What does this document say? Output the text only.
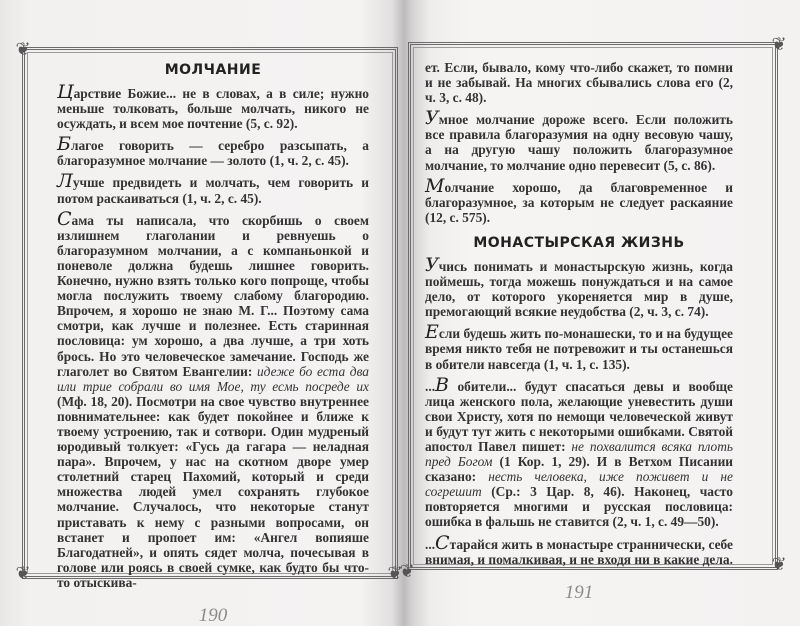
❦
❦	❦
❦
❦
❦
МОЛЧАНИЕ

Царствие Божие... не в словах, а в силе; нужно меньше толковать, больше молчать, никого не осуждать, и всем мое почтение (5, с. 92).

Благое говорить — серебро разсыпать, а благоразумное молчание — золото (1, ч. 2, с. 45).

Лучше предвидеть и молчать, чем говорить и потом раскаиваться (1, ч. 2, с. 45).

Сама ты написала, что скорбишь о своем излишнем глаголании и ревнуешь о благоразумном молчании, а с компаньонкой и поневоле должна будешь лишнее говорить. Конечно, нужно взять только кого попроще, чтобы могла послужить твоему слабому благородию. Впрочем, я хорошо не знаю М. Г... Поэтому сама смотри, как лучше и полезнее. Есть старинная пословица: ум хорошо, а два лучше, а три хоть брось. Но это человеческое замечание. Господь же глаголет во Святом Евангелии: идеже бо еста два или трие собрали во имя Мое, ту есмь посреде их (Мф. 18, 20). Посмотри на свое чувство внутреннее повнимательнее: как будет покойнее и ближе к твоему устроению, так и сотвори. Один мудреный юродивый толкует: «Гусь да гагара — неладная пара». Впрочем, у нас на скотном дворе умер столетний старец Пахомий, который и среди множества людей умел сохранять глубокое молчание. Случалось, что некоторые станут приставать к нему с разными вопросами, он встанет и пропоет им: «Ангел вопияше Благодатней», и опять сядет молча, почесывая в голове или роясь в своей сумке, как будто бы что-то отыскива-

190

ет. Если, бывало, кому что-либо скажет, то помни и не забывай. На многих сбывались слова его (2, ч. 3, с. 48).

Умное молчание дороже всего. Если положить все правила благоразумия на одну весовую чашу, а на другую чашу положить благоразумное молчание, то молчание одно перевесит (5, с. 86).

Молчание хорошо, да благовременное и благоразумное, за которым не следует раскаяние (12, с. 575).

МОНАСТЫРСКАЯ ЖИЗНЬ

Учись понимать и монастырскую жизнь, когда поймешь, тогда можешь понуждаться и на самое дело, от которого укореняется мир в душе, премогающий всякие неудобства (2, ч. 3, с. 74).

Если будешь жить по-монашески, то и на будущее время никто тебя не потревожит и ты останешься в обители навсегда (1, ч. 1, с. 135).

...В обители... будут спасаться девы и вообще лица женского пола, желающие уневестить души свои Христу, хотя по немощи человеческой живут и будут тут жить с некоторыми ошибками. Святой апостол Павел пишет: не похвалится всяка плоть пред Богом (1 Кор. 1, 29). И в Ветхом Писании сказано: несть человека, иже поживет и не согрешит (Ср.: 3 Цар. 8, 46). Наконец, часто повторяется многими и русская пословица: ошибка в фальшь не ставится (2, ч. 1, с. 49—50).

...Старайся жить в монастыре страннически, себе внимая, и помалкивая, и не входя ни в какие дела.

191
